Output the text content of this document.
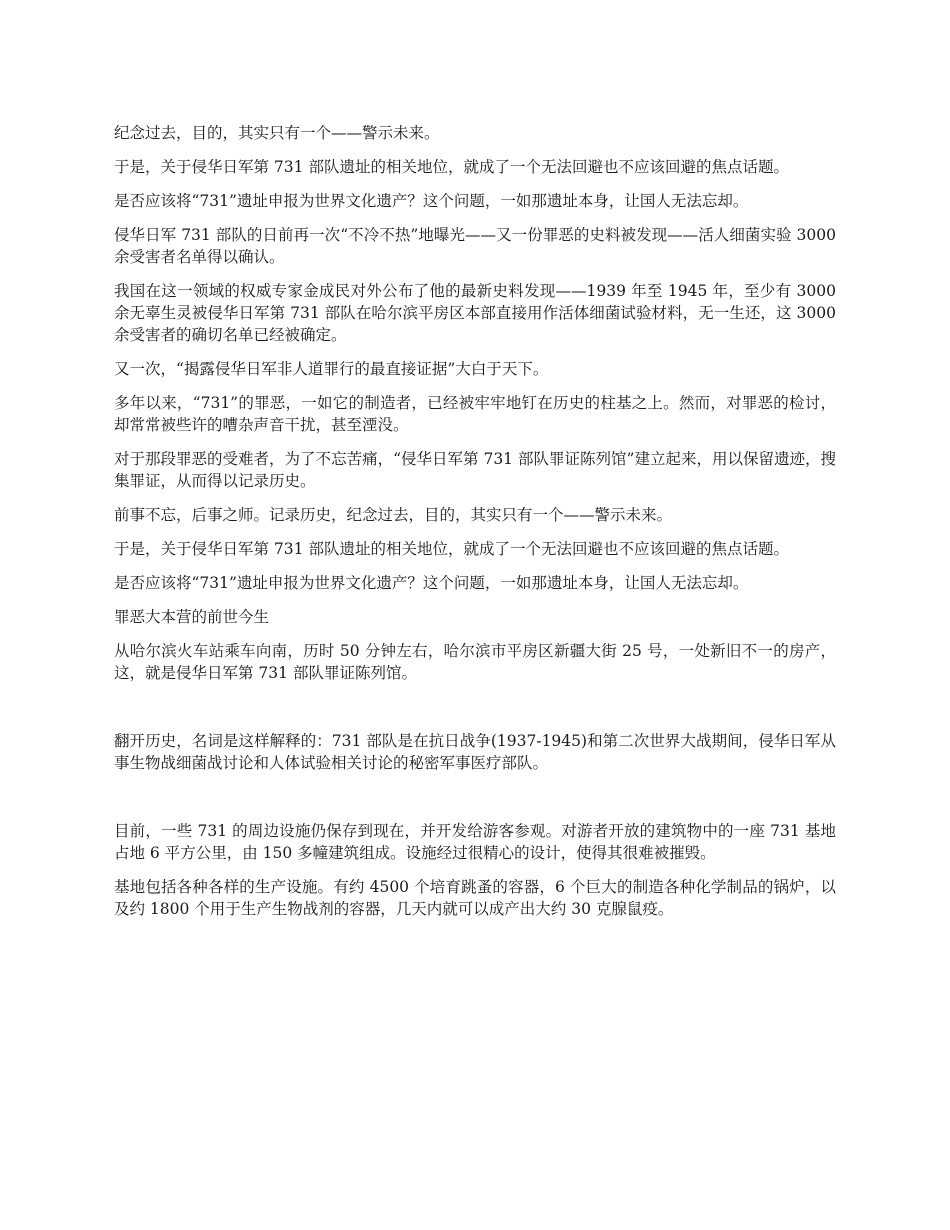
纪念过去，目的，其实只有一个——警示未来。

于是，关于侵华日军第 731 部队遗址的相关地位，就成了一个无法回避也不应该回避的焦点话题。

是否应该将“731”遗址申报为世界文化遗产？这个问题，一如那遗址本身，让国人无法忘却。

侵华日军 731 部队的日前再一次“不冷不热”地曝光——又一份罪恶的史料被发现——活人细菌实验 3000 余受害者名单得以确认。

我国在这一领域的权威专家金成民对外公布了他的最新史料发现——1939 年至 1945 年，至少有 3000 余无辜生灵被侵华日军第 731 部队在哈尔滨平房区本部直接用作活体细菌试验材料，无一生还，这 3000 余受害者的确切名单已经被确定。

又一次，“揭露侵华日军非人道罪行的最直接证据”大白于天下。

多年以来，“731”的罪恶，一如它的制造者，已经被牢牢地钉在历史的柱基之上。然而，对罪恶的检讨，却常常被些许的嘈杂声音干扰，甚至湮没。

对于那段罪恶的受难者，为了不忘苦痛，“侵华日军第 731 部队罪证陈列馆”建立起来，用以保留遗迹，搜集罪证，从而得以记录历史。

前事不忘，后事之师。记录历史，纪念过去，目的，其实只有一个——警示未来。

于是，关于侵华日军第 731 部队遗址的相关地位，就成了一个无法回避也不应该回避的焦点话题。

是否应该将“731”遗址申报为世界文化遗产？这个问题，一如那遗址本身，让国人无法忘却。

罪恶大本营的前世今生

从哈尔滨火车站乘车向南，历时 50 分钟左右，哈尔滨市平房区新疆大街 25 号，一处新旧不一的房产，这，就是侵华日军第 731 部队罪证陈列馆。

翻开历史，名词是这样解释的：731 部队是在抗日战争(1937-1945)和第二次世界大战期间，侵华日军从事生物战细菌战讨论和人体试验相关讨论的秘密军事医疗部队。

目前，一些 731 的周边设施仍保存到现在，并开发给游客参观。对游者开放的建筑物中的一座 731 基地占地 6 平方公里，由 150 多幢建筑组成。设施经过很精心的设计，使得其很难被摧毁。

基地包括各种各样的生产设施。有约 4500 个培育跳蚤的容器，6 个巨大的制造各种化学制品的锅炉，以及约 1800 个用于生产生物战剂的容器，几天内就可以成产出大约 30 克腺鼠疫。
